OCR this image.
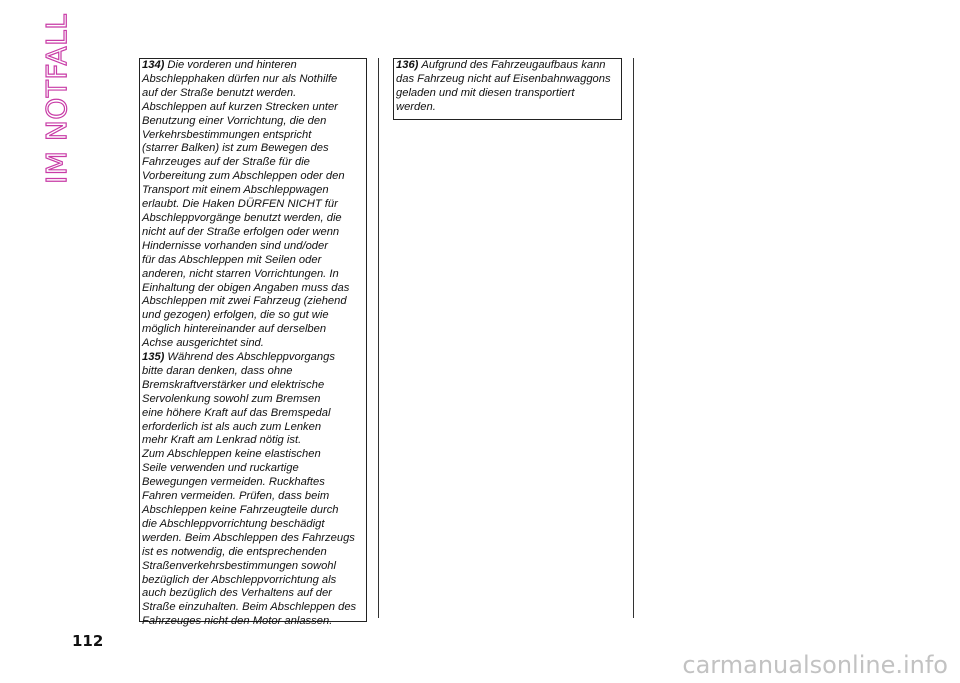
IM NOTFALL	134) Die vorderen und hinteren
Abschlepphaken dürfen nur als Nothilfe
auf der Straße benutzt werden.
Abschleppen auf kurzen Strecken unter
Benutzung einer Vorrichtung, die den
Verkehrsbestimmungen entspricht
(starrer Balken) ist zum Bewegen des
Fahrzeuges auf der Straße für die
Vorbereitung zum Abschleppen oder den
Transport mit einem Abschleppwagen
erlaubt. Die Haken DÜRFEN NICHT für
Abschleppvorgänge benutzt werden, die
nicht auf der Straße erfolgen oder wenn
Hindernisse vorhanden sind und/oder
für das Abschleppen mit Seilen oder
anderen, nicht starren Vorrichtungen. In
Einhaltung der obigen Angaben muss das
Abschleppen mit zwei Fahrzeug (ziehend
und gezogen) erfolgen, die so gut wie
möglich hintereinander auf derselben
Achse ausgerichtet sind.

135) Während des Abschleppvorgangs
bitte daran denken, dass ohne
Bremskraftverstärker und elektrische
Servolenkung sowohl zum Bremsen
eine höhere Kraft auf das Bremspedal
erforderlich ist als auch zum Lenken
mehr Kraft am Lenkrad nötig ist.
Zum Abschleppen keine elastischen
Seile verwenden und ruckartige
Bewegungen vermeiden. Ruckhaftes
Fahren vermeiden. Prüfen, dass beim
Abschleppen keine Fahrzeugteile durch
die Abschleppvorrichtung beschädigt
werden. Beim Abschleppen des Fahrzeugs
ist es notwendig, die entsprechenden
Straßenverkehrsbestimmungen sowohl
bezüglich der Abschleppvorrichtung als
auch bezüglich des Verhaltens auf der
Straße einzuhalten. Beim Abschleppen des
Fahrzeuges nicht den Motor anlassen.

136) Aufgrund des Fahrzeugaufbaus kann
das Fahrzeug nicht auf Eisenbahnwaggons
geladen und mit diesen transportiert
werden.

112
carmanualsonline.info
